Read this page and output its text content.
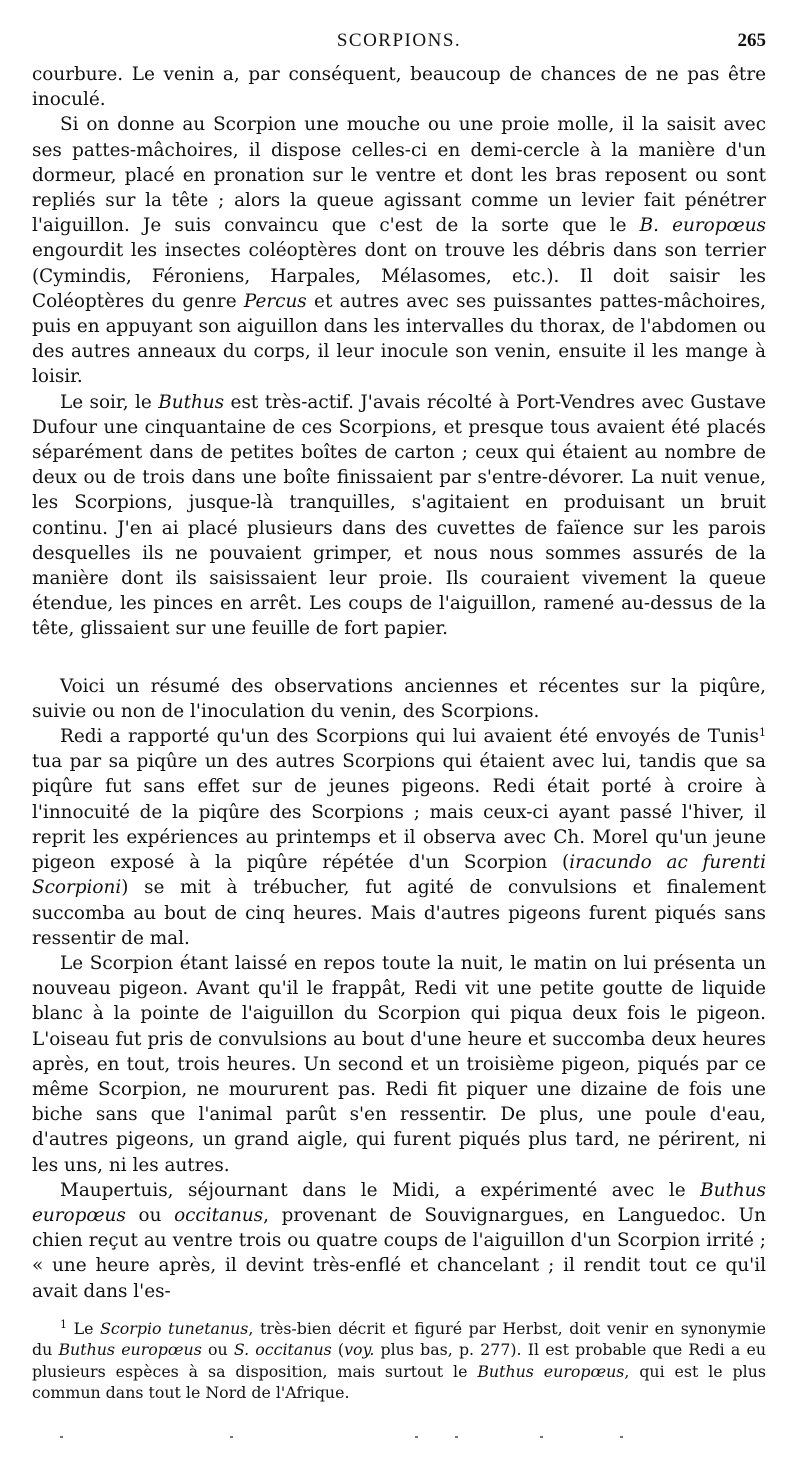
SCORPIONS.	265

courbure. Le venin a, par conséquent, beaucoup de chances de ne pas être inoculé.

Si on donne au Scorpion une mouche ou une proie molle, il la saisit avec ses pattes-mâchoires, il dispose celles-ci en demi-cercle à la manière d'un dormeur, placé en pronation sur le ventre et dont les bras reposent ou sont repliés sur la tête ; alors la queue agissant comme un levier fait pénétrer l'aiguillon. Je suis convaincu que c'est de la sorte que le B. europœus engourdit les insectes coléoptères dont on trouve les débris dans son terrier (Cymindis, Féroniens, Harpales, Mélasomes, etc.). Il doit saisir les Coléoptères du genre Percus et autres avec ses puissantes pattes-mâchoires, puis en appuyant son aiguillon dans les intervalles du thorax, de l'abdomen ou des autres anneaux du corps, il leur inocule son venin, ensuite il les mange à loisir.

Le soir, le Buthus est très-actif. J'avais récolté à Port-Vendres avec Gustave Dufour une cinquantaine de ces Scorpions, et presque tous avaient été placés séparément dans de petites boîtes de carton ; ceux qui étaient au nombre de deux ou de trois dans une boîte finissaient par s'entre-dévorer. La nuit venue, les Scorpions, jusque-là tranquilles, s'agitaient en produisant un bruit continu. J'en ai placé plusieurs dans des cuvettes de faïence sur les parois desquelles ils ne pouvaient grimper, et nous nous sommes assurés de la manière dont ils saisissaient leur proie. Ils couraient vivement la queue étendue, les pinces en arrêt. Les coups de l'aiguillon, ramené au-dessus de la tête, glissaient sur une feuille de fort papier.

Voici un résumé des observations anciennes et récentes sur la piqûre, suivie ou non de l'inoculation du venin, des Scorpions.

Redi a rapporté qu'un des Scorpions qui lui avaient été envoyés de Tunis$^1$ tua par sa piqûre un des autres Scorpions qui étaient avec lui, tandis que sa piqûre fut sans effet sur de jeunes pigeons. Redi était porté à croire à l'innocuité de la piqûre des Scorpions ; mais ceux-ci ayant passé l'hiver, il reprit les expériences au printemps et il observa avec Ch. Morel qu'un jeune pigeon exposé à la piqûre répétée d'un Scorpion (iracundo ac furenti Scorpioni) se mit à trébucher, fut agité de convulsions et finalement succomba au bout de cinq heures. Mais d'autres pigeons furent piqués sans ressentir de mal.

Le Scorpion étant laissé en repos toute la nuit, le matin on lui présenta un nouveau pigeon. Avant qu'il le frappât, Redi vit une petite goutte de liquide blanc à la pointe de l'aiguillon du Scorpion qui piqua deux fois le pigeon. L'oiseau fut pris de convulsions au bout d'une heure et succomba deux heures après, en tout, trois heures. Un second et un troisième pigeon, piqués par ce même Scorpion, ne moururent pas. Redi fit piquer une dizaine de fois une biche sans que l'animal parût s'en ressentir. De plus, une poule d'eau, d'autres pigeons, un grand aigle, qui furent piqués plus tard, ne périrent, ni les uns, ni les autres.

Maupertuis, séjournant dans le Midi, a expérimenté avec le Buthus europœus ou occitanus, provenant de Souvignargues, en Languedoc. Un chien reçut au ventre trois ou quatre coups de l'aiguillon d'un Scorpion irrité ; « une heure après, il devint très-enflé et chancelant ; il rendit tout ce qu'il avait dans l'es-

$^1$ Le Scorpio tunetanus, très-bien décrit et figuré par Herbst, doit venir en synonymie du Buthus europœus ou S. occitanus (voy. plus bas, p. 277). Il est probable que Redi a eu plusieurs espèces à sa disposition, mais surtout le Buthus europœus, qui est le plus commun dans tout le Nord de l'Afrique.
